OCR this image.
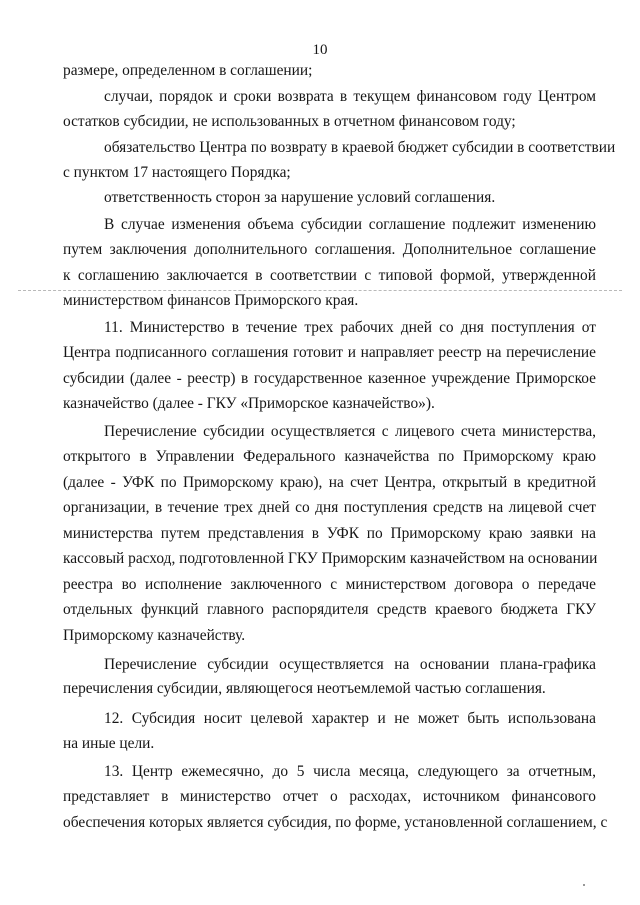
10
размере, определенном в соглашении;
случаи, порядок и сроки возврата в текущем финансовом году Центром
остатков субсидии, не использованных в отчетном финансовом году;
обязательство Центра по возврату в краевой бюджет субсидии в соответствии
с пунктом 17 настоящего Порядка;
ответственность сторон за нарушение условий соглашения.
В случае изменения объема субсидии соглашение подлежит изменению
путем заключения дополнительного соглашения. Дополнительное соглашение
к соглашению заключается в соответствии с типовой формой, утвержденной
министерством финансов Приморского края.
11. Министерство в течение трех рабочих дней со дня поступления от
Центра подписанного соглашения готовит и направляет реестр на перечисление
субсидии (далее - реестр) в государственное казенное учреждение Приморское
казначейство (далее - ГКУ «Приморское казначейство»).
Перечисление субсидии осуществляется с лицевого счета министерства,
открытого в Управлении Федерального казначейства по Приморскому краю
(далее - УФК по Приморскому краю), на счет Центра, открытый в кредитной
организации, в течение трех дней со дня поступления средств на лицевой счет
министерства путем представления в УФК по Приморскому краю заявки на
кассовый расход, подготовленной ГКУ Приморским казначейством на основании
реестра во исполнение заключенного с министерством договора о передаче
отдельных функций главного распорядителя средств краевого бюджета ГКУ
Приморскому казначейству.
Перечисление субсидии осуществляется на основании плана-графика
перечисления субсидии, являющегося неотъемлемой частью соглашения.
12. Субсидия носит целевой характер и не может быть использована
на иные цели.
13. Центр ежемесячно, до 5 числа месяца, следующего за отчетным,
представляет в министерство отчет о расходах, источником финансового
обеспечения которых является субсидия, по форме, установленной соглашением, с
